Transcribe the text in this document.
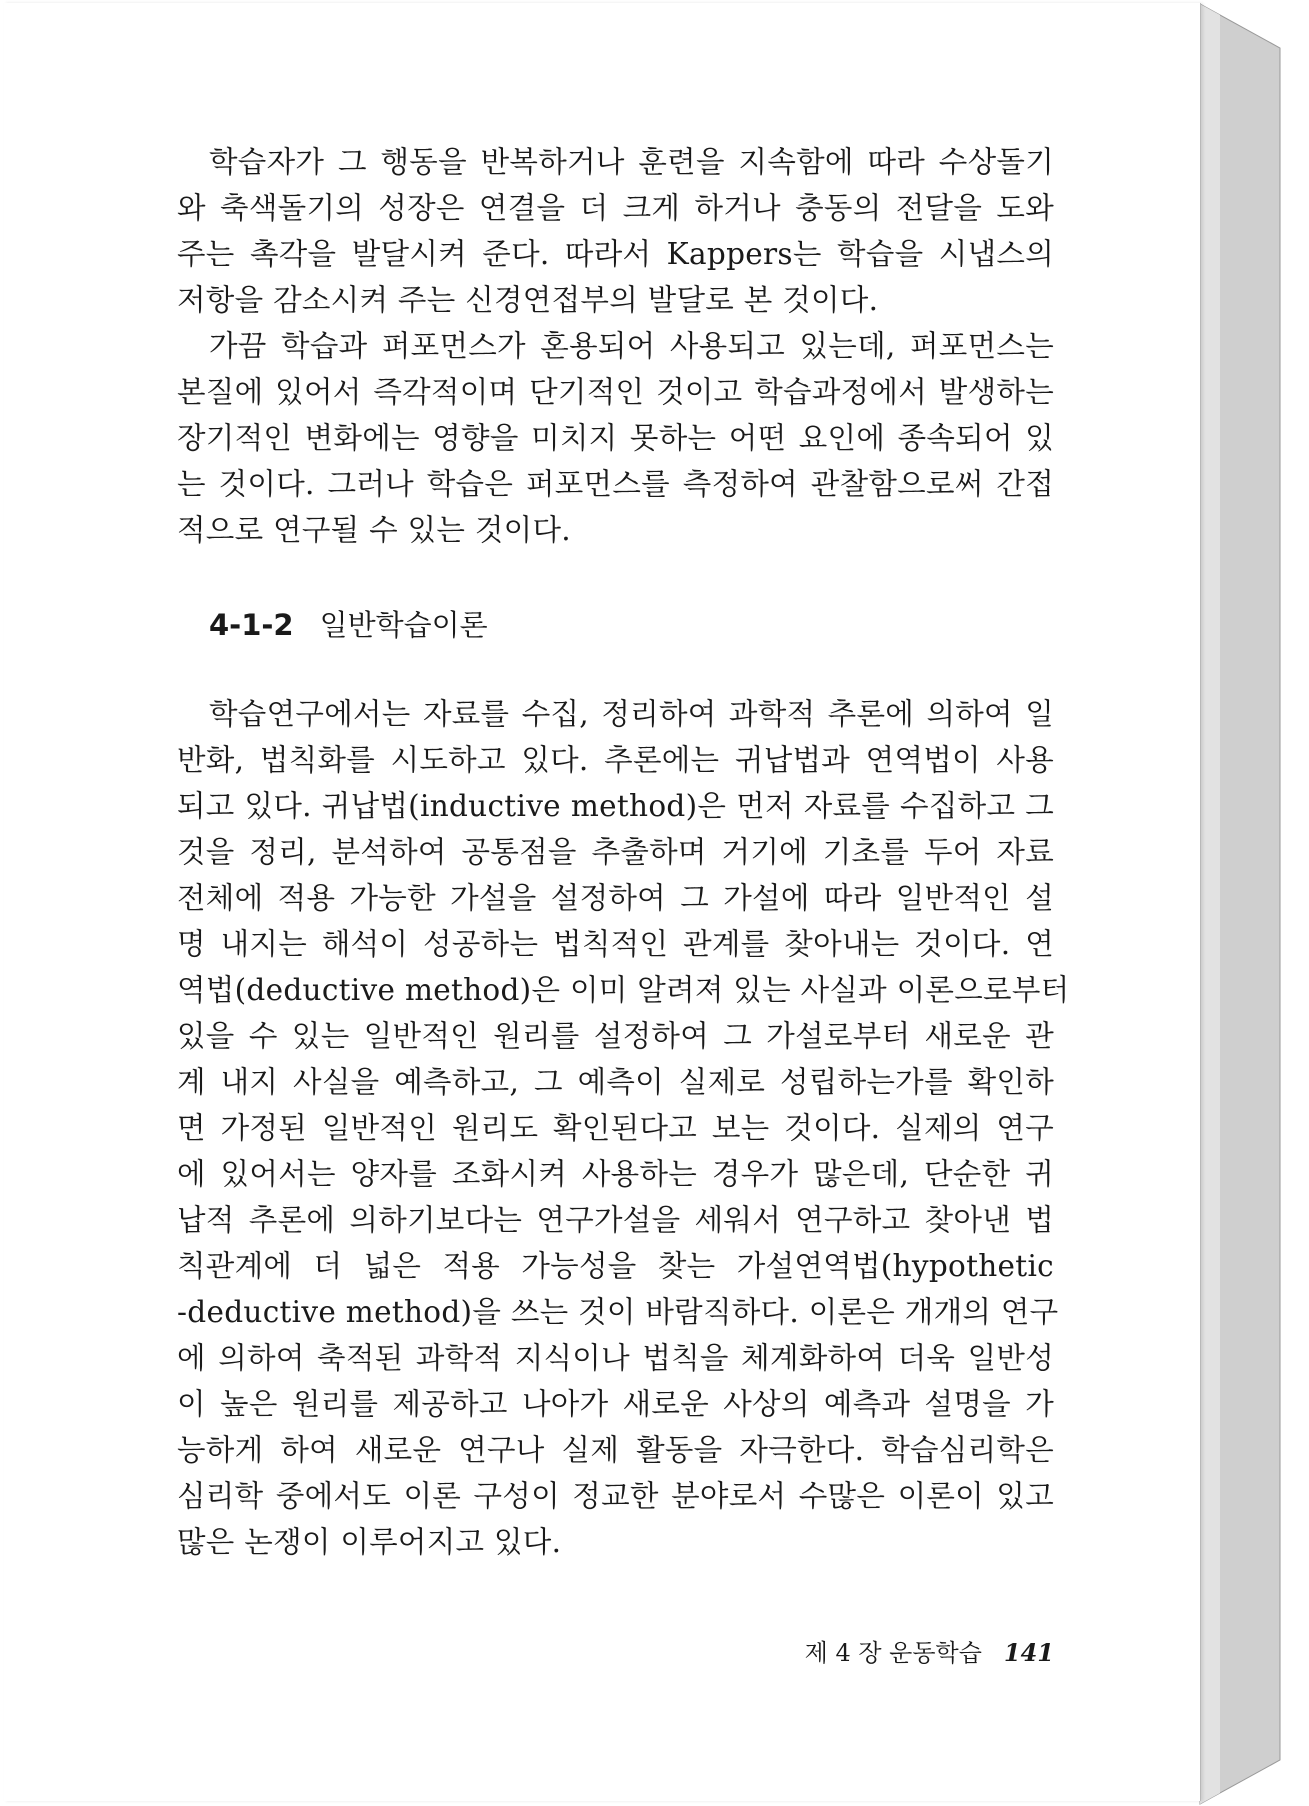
학습자가 그 행동을 반복하거나 훈련을 지속함에 따라 수상돌기
와 축색돌기의 성장은 연결을 더 크게 하거나 충동의 전달을 도와
주는 촉각을 발달시켜 준다. 따라서 Kappers는 학습을 시냅스의
저항을 감소시켜 주는 신경연접부의 발달로 본 것이다.
가끔 학습과 퍼포먼스가 혼용되어 사용되고 있는데, 퍼포먼스는
본질에 있어서 즉각적이며 단기적인 것이고 학습과정에서 발생하는
장기적인 변화에는 영향을 미치지 못하는 어떤 요인에 종속되어 있
는 것이다. 그러나 학습은 퍼포먼스를 측정하여 관찰함으로써 간접
적으로 연구될 수 있는 것이다.
4-1-2 일반학습이론
학습연구에서는 자료를 수집, 정리하여 과학적 추론에 의하여 일
반화, 법칙화를 시도하고 있다. 추론에는 귀납법과 연역법이 사용
되고 있다. 귀납법(inductive method)은 먼저 자료를 수집하고 그
것을 정리, 분석하여 공통점을 추출하며 거기에 기초를 두어 자료
전체에 적용 가능한 가설을 설정하여 그 가설에 따라 일반적인 설
명 내지는 해석이 성공하는 법칙적인 관계를 찾아내는 것이다. 연
역법(deductive method)은 이미 알려져 있는 사실과 이론으로부터
있을 수 있는 일반적인 원리를 설정하여 그 가설로부터 새로운 관
계 내지 사실을 예측하고, 그 예측이 실제로 성립하는가를 확인하
면 가정된 일반적인 원리도 확인된다고 보는 것이다. 실제의 연구
에 있어서는 양자를 조화시켜 사용하는 경우가 많은데, 단순한 귀
납적 추론에 의하기보다는 연구가설을 세워서 연구하고 찾아낸 법
칙관계에 더 넓은 적용 가능성을 찾는 가설연역법(hypothetic
-deductive method)을 쓰는 것이 바람직하다. 이론은 개개의 연구
에 의하여 축적된 과학적 지식이나 법칙을 체계화하여 더욱 일반성
이 높은 원리를 제공하고 나아가 새로운 사상의 예측과 설명을 가
능하게 하여 새로운 연구나 실제 활동을 자극한다. 학습심리학은
심리학 중에서도 이론 구성이 정교한 분야로서 수많은 이론이 있고
많은 논쟁이 이루어지고 있다.
제 4 장 운동학습 141
